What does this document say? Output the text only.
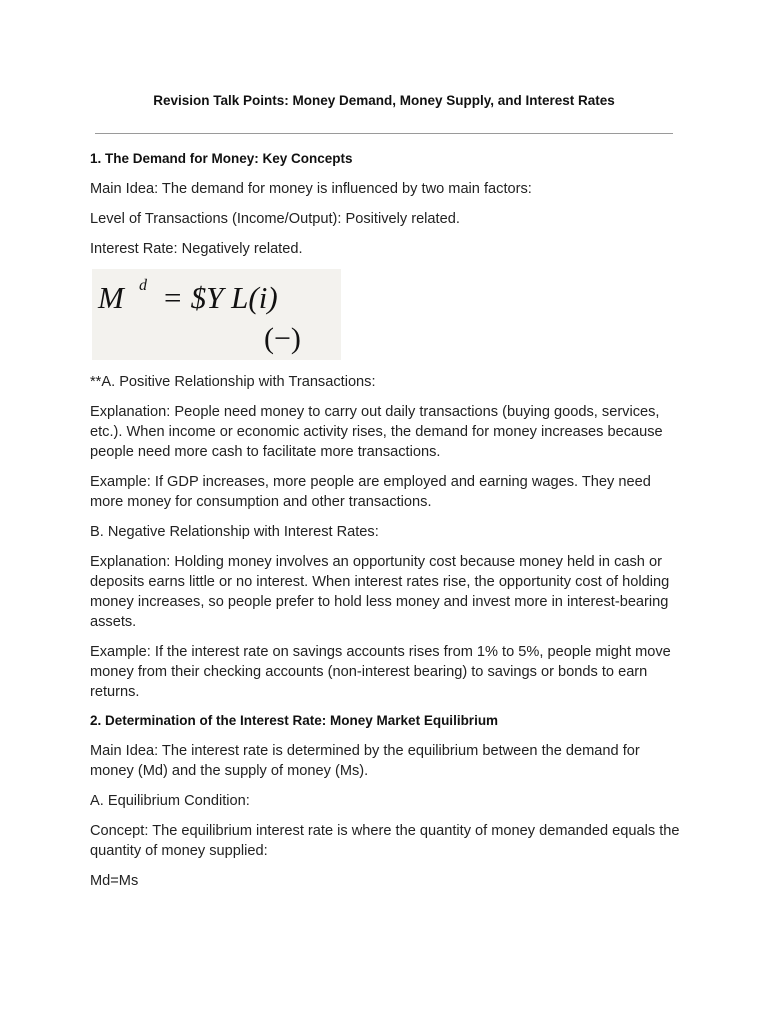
Revision Talk Points: Money Demand, Money Supply, and Interest Rates
1. The Demand for Money: Key Concepts

Main Idea: The demand for money is influenced by two main factors:

Level of Transactions (Income/Output): Positively related.

Interest Rate: Negatively related.

M d = $Y L(i)
(−)

**A. Positive Relationship with Transactions:

Explanation: People need money to carry out daily transactions (buying goods, services, etc.). When income or economic activity rises, the demand for money increases because people need more cash to facilitate more transactions.

Example: If GDP increases, more people are employed and earning wages. They need more money for consumption and other transactions.

B. Negative Relationship with Interest Rates:

Explanation: Holding money involves an opportunity cost because money held in cash or deposits earns little or no interest. When interest rates rise, the opportunity cost of holding money increases, so people prefer to hold less money and invest more in interest-bearing assets.

Example: If the interest rate on savings accounts rises from 1% to 5%, people might move money from their checking accounts (non-interest bearing) to savings or bonds to earn returns.

2. Determination of the Interest Rate: Money Market Equilibrium

Main Idea: The interest rate is determined by the equilibrium between the demand for money (Md) and the supply of money (Ms).

A. Equilibrium Condition:

Concept: The equilibrium interest rate is where the quantity of money demanded equals the quantity of money supplied:

Md=Ms
